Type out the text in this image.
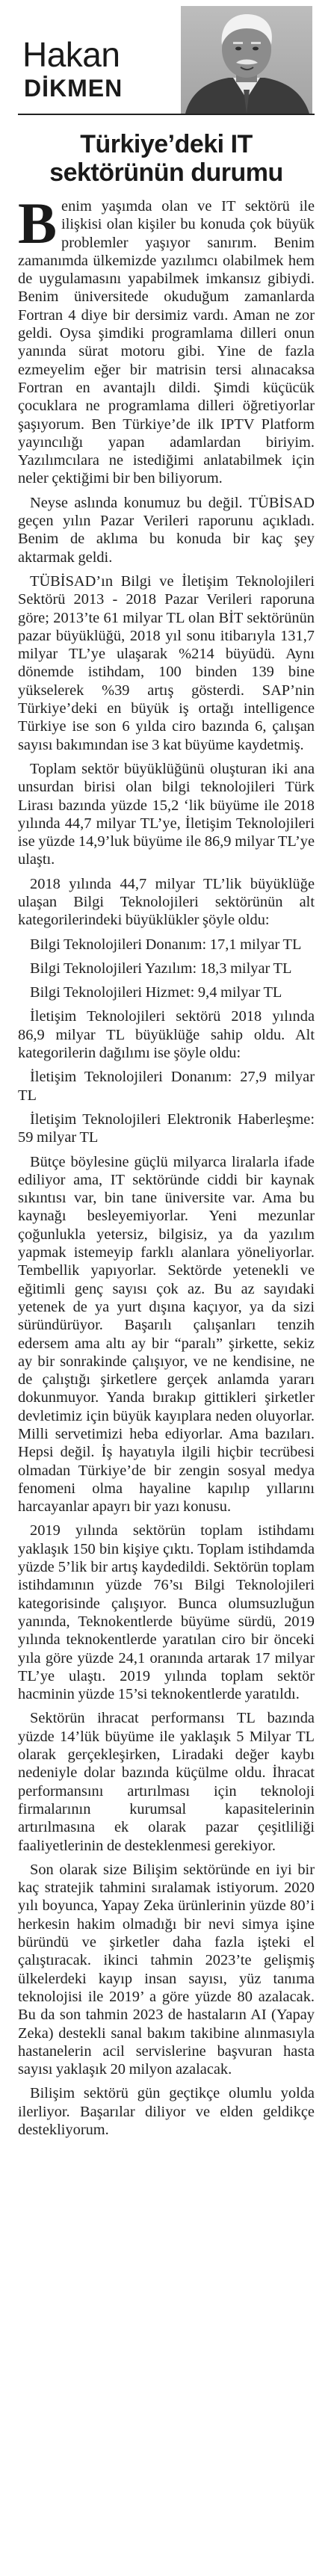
Hakan
DİKMEN
Türkiye’deki IT
sektörünün durumu

Benim yaşımda olan ve IT sektörü ile ilişkisi olan kişiler bu konuda çok büyük problemler yaşıyor sanırım. Benim zamanımda ülkemizde yazılımcı olabilmek hem de uygulamasını yapabilmek imkansız gibiydi. Benim üniversitede okuduğum zamanlarda Fortran 4 diye bir dersimiz vardı. Aman ne zor geldi. Oysa şimdiki programlama dilleri onun yanında sürat motoru gibi. Yine de fazla ezmeyelim eğer bir matrisin tersi alınacaksa Fortran en avantajlı dildi. Şimdi küçücük çocuklara ne programlama dilleri öğretiyorlar şaşıyorum. Ben Türkiye’de ilk IPTV Platform yayıncılığı yapan adamlardan biriyim. Yazılımcılara ne istediğimi anlatabilmek için neler çektiğimi bir ben biliyorum.

Neyse aslında konumuz bu değil. TÜBİSAD geçen yılın Pazar Verileri raporunu açıkladı. Benim de aklıma bu konuda bir kaç şey aktarmak geldi.

TÜBİSAD’ın Bilgi ve İletişim Teknolojileri Sektörü 2013 - 2018 Pazar Verileri raporuna göre; 2013’te 61 milyar TL olan BİT sektörünün pazar büyüklüğü, 2018 yıl sonu itibarıyla 131,7 milyar TL’ye ulaşarak %214 büyüdü. Aynı dönemde istihdam, 100 binden 139 bine yükselerek %39 artış gösterdi. SAP’nin Türkiye’deki en büyük iş ortağı intelligence Türkiye ise son 6 yılda ciro bazında 6, çalışan sayısı bakımından ise 3 kat büyüme kaydetmiş.

Toplam sektör büyüklüğünü oluşturan iki ana unsurdan birisi olan bilgi teknolojileri Türk Lirası bazında yüzde 15,2 ‘lik büyüme ile 2018 yılında 44,7 milyar TL’ye, İletişim Teknolojileri ise yüzde 14,9’luk büyüme ile 86,9 milyar TL’ye ulaştı.

2018 yılında 44,7 milyar TL’lik büyüklüğe ulaşan Bilgi Teknolojileri sektörünün alt kategorilerindeki büyüklükler şöyle oldu:

Bilgi Teknolojileri Donanım: 17,1 milyar TL

Bilgi Teknolojileri Yazılım: 18,3 milyar TL

Bilgi Teknolojileri Hizmet: 9,4 milyar TL

İletişim Teknolojileri sektörü 2018 yılında 86,9 milyar TL büyüklüğe sahip oldu. Alt kategorilerin dağılımı ise şöyle oldu:

İletişim Teknolojileri Donanım: 27,9 milyar TL

İletişim Teknolojileri Elektronik Haberleşme: 59 milyar TL

Bütçe böylesine güçlü milyarca liralarla ifade ediliyor ama, IT sektöründe ciddi bir kaynak sıkıntısı var, bin tane üniversite var. Ama bu kaynağı besleyemiyorlar. Yeni mezunlar çoğunlukla yetersiz, bilgisiz, ya da yazılım yapmak istemeyip farklı alanlara yöneliyorlar. Tembellik yapıyorlar. Sektörde yetenekli ve eğitimli genç sayısı çok az. Bu az sayıdaki yetenek de ya yurt dışına kaçıyor, ya da sizi süründürüyor. Başarılı çalışanları tenzih edersem ama altı ay bir “paralı” şirkette, sekiz ay bir sonrakinde çalışıyor, ve ne kendisine, ne de çalıştığı şirketlere gerçek anlamda yararı dokunmuyor. Yanda bırakıp gittikleri şirketler devletimiz için büyük kayıplara neden oluyorlar. Milli servetimizi heba ediyorlar. Ama bazıları. Hepsi değil. İş hayatıyla ilgili hiçbir tecrübesi olmadan Türkiye’de bir zengin sosyal medya fenomeni olma hayaline kapılıp yıllarını harcayanlar apayrı bir yazı konusu.

2019 yılında sektörün toplam istihdamı yaklaşık 150 bin kişiye çıktı. Toplam istihdamda yüzde 5’lik bir artış kaydedildi. Sektörün toplam istihdamının yüzde 76’sı Bilgi Teknolojileri kategorisinde çalışıyor. Bunca olumsuzluğun yanında, Teknokentlerde büyüme sürdü, 2019 yılında teknokentlerde yaratılan ciro bir önceki yıla göre yüzde 24,1 oranında artarak 17 milyar TL’ye ulaştı. 2019 yılında toplam sektör hacminin yüzde 15’si teknokentlerde yaratıldı.

Sektörün ihracat performansı TL bazında yüzde 14’lük büyüme ile yaklaşık 5 Milyar TL olarak gerçekleşirken, Liradaki değer kaybı nedeniyle dolar bazında küçülme oldu. İhracat performansını artırılması için teknoloji firmalarının kurumsal kapasitelerinin artırılmasına ek olarak pazar çeşitliliği faaliyetlerinin de desteklenmesi gerekiyor.

Son olarak size Bilişim sektöründe en iyi bir kaç stratejik tahmini sıralamak istiyorum. 2020 yılı boyunca, Yapay Zeka ürünlerinin yüzde 80’i herkesin hakim olmadığı bir nevi simya işine büründü ve şirketler daha fazla işteki el çalıştıracak. ikinci tahmin 2023’te gelişmiş ülkelerdeki kayıp insan sayısı, yüz tanıma teknolojisi ile 2019’ a göre yüzde 80 azalacak. Bu da son tahmin 2023 de hastaların AI (Yapay Zeka) destekli sanal bakım takibine alınmasıyla hastanelerin acil servislerine başvuran hasta sayısı yaklaşık 20 milyon azalacak.

Bilişim sektörü gün geçtikçe olumlu yolda ilerliyor. Başarılar diliyor ve elden geldikçe destekliyorum.
